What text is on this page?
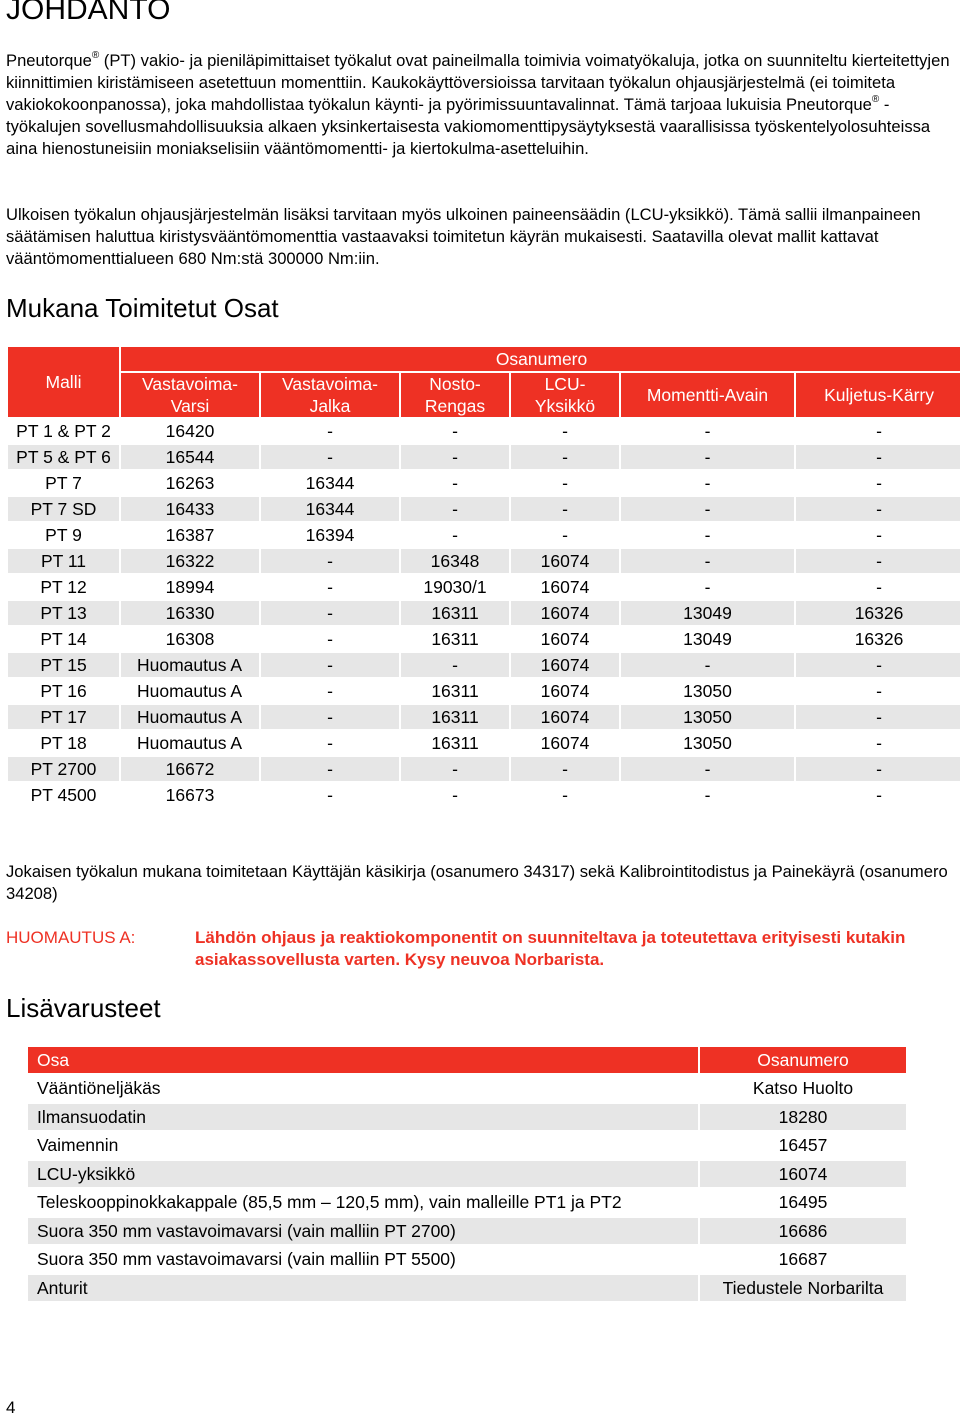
JOHDANTO

Pneutorque® (PT) vakio- ja pieniläpimittaiset työkalut ovat paineilmalla toimivia voimatyökaluja, jotka on suunniteltu kierteitettyjen kiinnittimien kiristämiseen asetettuun momenttiin. Kaukokäyttöversioissa tarvitaan työkalun ohjausjärjestelmä (ei toimiteta vakiokokoonpanossa), joka mahdollistaa työkalun käynti- ja pyörimissuuntavalinnat. Tämä tarjoaa lukuisia Pneutorque® -työkalujen sovellusmahdollisuuksia alkaen yksinkertaisesta vakiomomenttipysäytyksestä vaarallisissa työskentelyolosuhteissa aina hienostuneisiin moniakselisiin vääntömomentti- ja kiertokulma-asetteluihin.

Ulkoisen työkalun ohjausjärjestelmän lisäksi tarvitaan myös ulkoinen paineensäädin (LCU-yksikkö). Tämä sallii ilmanpaineen säätämisen haluttua kiristysvääntömomenttia vastaavaksi toimitetun käyrän mukaisesti. Saatavilla olevat mallit kattavat vääntömomenttialueen 680 Nm:stä 300000 Nm:iin.

Mukana Toimitetut Osat
Malli	Osanumero					
	Vastavoima-Varsi	Vastavoima-Jalka	Nosto-Rengas	LCU-Yksikkö	Momentti-Avain	Kuljetus-Kärry
PT 1 & PT 2	16420	-	-	-	-	-
PT 5 & PT 6	16544	-	-	-	-	-
PT 7	16263	16344	-	-	-	-
PT 7 SD	16433	16344	-	-	-	-
PT 9	16387	16394	-	-	-	-
PT 11	16322	-	16348	16074	-	-
PT 12	18994	-	19030/1	16074	-	-
PT 13	16330	-	16311	16074	13049	16326
PT 14	16308	-	16311	16074	13049	16326
PT 15	Huomautus A	-	-	16074	-	-
PT 16	Huomautus A	-	16311	16074	13050	-
PT 17	Huomautus A	-	16311	16074	13050	-
PT 18	Huomautus A	-	16311	16074	13050	-
PT 2700	16672	-	-	-	-	-
PT 4500	16673	-	-	-	-	-

Jokaisen työkalun mukana toimitetaan Käyttäjän käsikirja (osanumero 34317) sekä Kalibrointitodistus ja Painekäyrä (osanumero 34208)

HUOMAUTUS A:	Lähdön ohjaus ja reaktiokomponentit on suunniteltava ja toteutettava erityisesti kutakin asiakassovellusta varten. Kysy neuvoa Norbarista.
Lisävarusteet
Osa	Osanumero
Vääntiöneljäkäs	Katso Huolto
Ilmansuodatin	18280
Vaimennin	16457
LCU-yksikkö	16074
Teleskooppinokkakappale (85,5 mm – 120,5 mm), vain malleille PT1 ja PT2	16495
Suora 350 mm vastavoimavarsi (vain malliin PT 2700)	16686
Suora 350 mm vastavoimavarsi (vain malliin PT 5500)	16687
Anturit	Tiedustele Norbarilta
4
